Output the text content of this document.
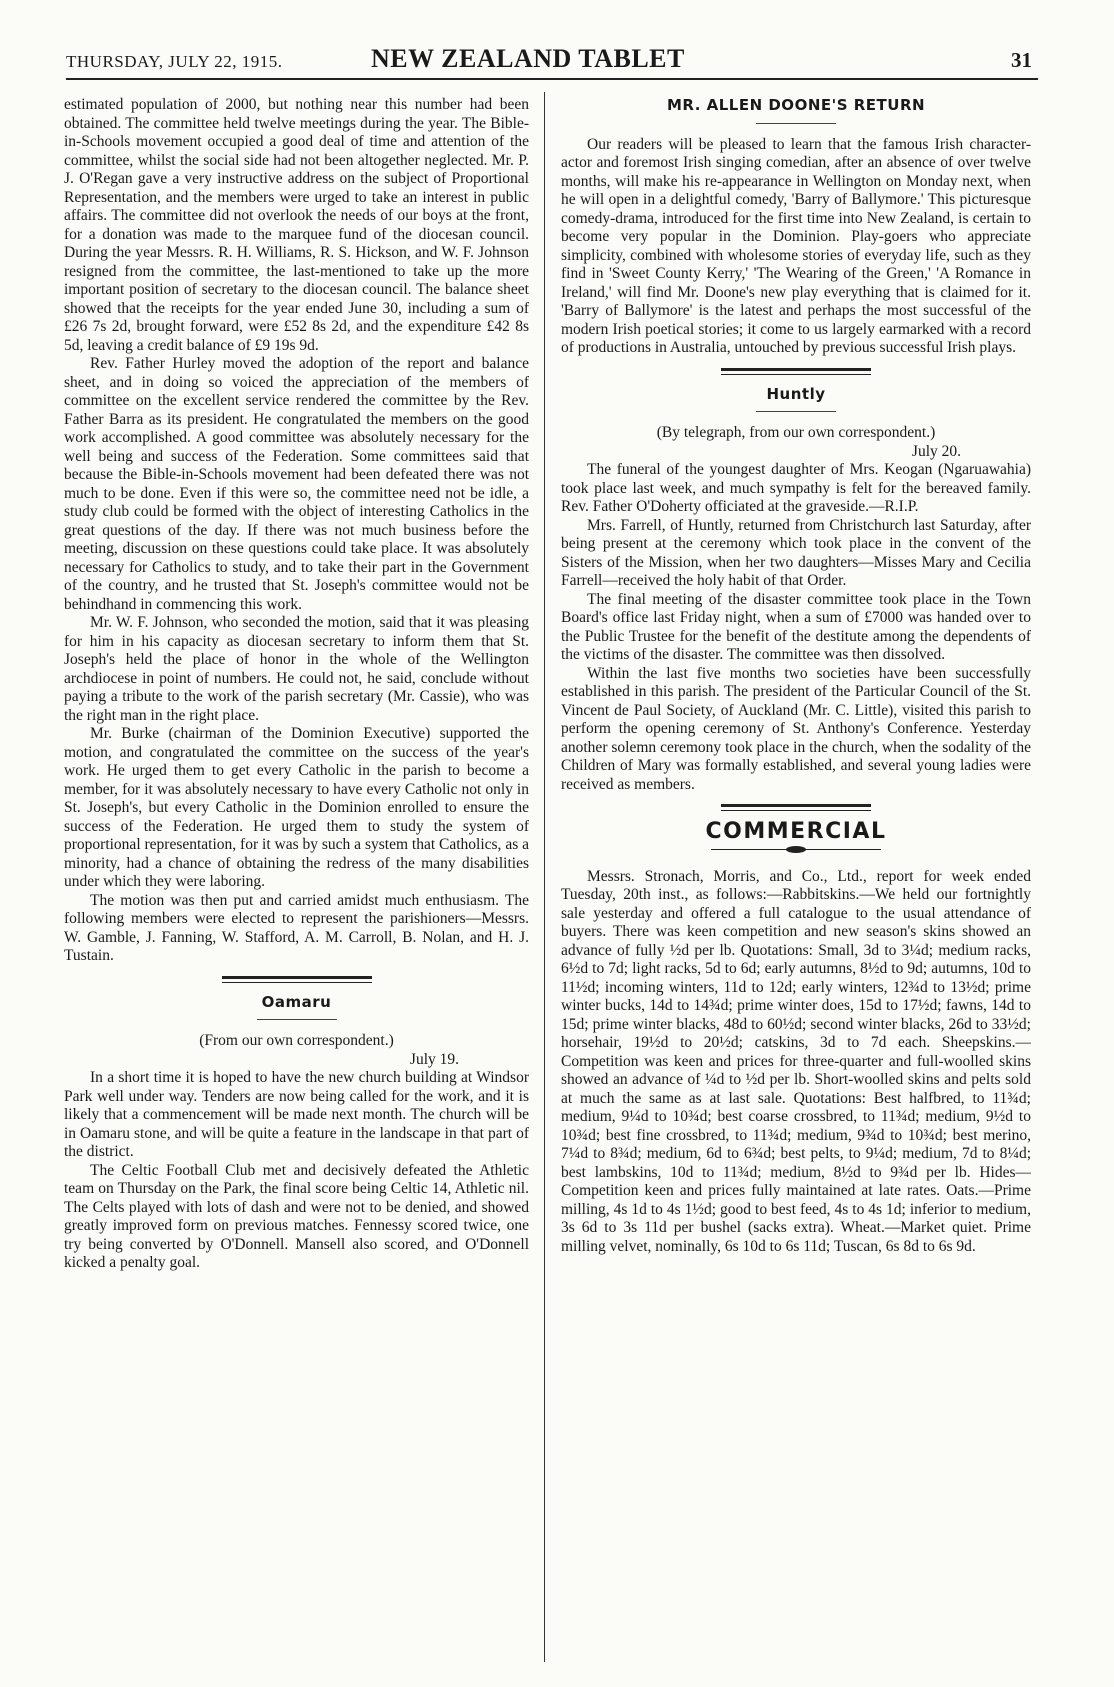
THURSDAY, JULY 22, 1915.	NEW ZEALAND TABLET	31

estimated population of 2000, but nothing near this number had been obtained. The committee held twelve meetings during the year. The Bible-in-Schools movement occupied a good deal of time and attention of the committee, whilst the social side had not been altogether neglected. Mr. P. J. O'Regan gave a very instructive address on the subject of Proportional Representation, and the members were urged to take an interest in public affairs. The committee did not overlook the needs of our boys at the front, for a donation was made to the marquee fund of the diocesan council. During the year Messrs. R. H. Williams, R. S. Hickson, and W. F. Johnson resigned from the committee, the last-mentioned to take up the more important position of secretary to the diocesan council. The balance sheet showed that the receipts for the year ended June 30, including a sum of £26 7s 2d, brought forward, were £52 8s 2d, and the expenditure £42 8s 5d, leaving a credit balance of £9 19s 9d.

Rev. Father Hurley moved the adoption of the report and balance sheet, and in doing so voiced the appreciation of the members of committee on the excellent service rendered the committee by the Rev. Father Barra as its president. He congratulated the members on the good work accomplished. A good committee was absolutely necessary for the well being and success of the Federation. Some committees said that because the Bible-in-Schools movement had been defeated there was not much to be done. Even if this were so, the committee need not be idle, a study club could be formed with the object of interesting Catholics in the great questions of the day. If there was not much business before the meeting, discussion on these questions could take place. It was absolutely necessary for Catholics to study, and to take their part in the Government of the country, and he trusted that St. Joseph's committee would not be behindhand in commencing this work.

Mr. W. F. Johnson, who seconded the motion, said that it was pleasing for him in his capacity as diocesan secretary to inform them that St. Joseph's held the place of honor in the whole of the Wellington archdiocese in point of numbers. He could not, he said, conclude without paying a tribute to the work of the parish secretary (Mr. Cassie), who was the right man in the right place.

Mr. Burke (chairman of the Dominion Executive) supported the motion, and congratulated the committee on the success of the year's work. He urged them to get every Catholic in the parish to become a member, for it was absolutely necessary to have every Catholic not only in St. Joseph's, but every Catholic in the Dominion enrolled to ensure the success of the Federation. He urged them to study the system of proportional representation, for it was by such a system that Catholics, as a minority, had a chance of obtaining the redress of the many disabilities under which they were laboring.

The motion was then put and carried amidst much enthusiasm. The following members were elected to represent the parishioners—Messrs. W. Gamble, J. Fanning, W. Stafford, A. M. Carroll, B. Nolan, and H. J. Tustain.

Oamaru
(From our own correspondent.)
July 19.

In a short time it is hoped to have the new church building at Windsor Park well under way. Tenders are now being called for the work, and it is likely that a commencement will be made next month. The church will be in Oamaru stone, and will be quite a feature in the landscape in that part of the district.

The Celtic Football Club met and decisively defeated the Athletic team on Thursday on the Park, the final score being Celtic 14, Athletic nil. The Celts played with lots of dash and were not to be denied, and showed greatly improved form on previous matches. Fennessy scored twice, one try being converted by O'Donnell. Mansell also scored, and O'Donnell kicked a penalty goal.

MR. ALLEN DOONE'S RETURN

Our readers will be pleased to learn that the famous Irish character-actor and foremost Irish singing comedian, after an absence of over twelve months, will make his re-appearance in Wellington on Monday next, when he will open in a delightful comedy, 'Barry of Ballymore.' This picturesque comedy-drama, introduced for the first time into New Zealand, is certain to become very popular in the Dominion. Play-goers who appreciate simplicity, combined with wholesome stories of everyday life, such as they find in 'Sweet County Kerry,' 'The Wearing of the Green,' 'A Romance in Ireland,' will find Mr. Doone's new play everything that is claimed for it. 'Barry of Ballymore' is the latest and perhaps the most successful of the modern Irish poetical stories; it come to us largely earmarked with a record of productions in Australia, untouched by previous successful Irish plays.

Huntly
(By telegraph, from our own correspondent.)
July 20.

The funeral of the youngest daughter of Mrs. Keogan (Ngaruawahia) took place last week, and much sympathy is felt for the bereaved family. Rev. Father O'Doherty officiated at the graveside.—R.I.P.

Mrs. Farrell, of Huntly, returned from Christchurch last Saturday, after being present at the ceremony which took place in the convent of the Sisters of the Mission, when her two daughters—Misses Mary and Cecilia Farrell—received the holy habit of that Order.

The final meeting of the disaster committee took place in the Town Board's office last Friday night, when a sum of £7000 was handed over to the Public Trustee for the benefit of the destitute among the dependents of the victims of the disaster. The committee was then dissolved.

Within the last five months two societies have been successfully established in this parish. The president of the Particular Council of the St. Vincent de Paul Society, of Auckland (Mr. C. Little), visited this parish to perform the opening ceremony of St. Anthony's Conference. Yesterday another solemn ceremony took place in the church, when the sodality of the Children of Mary was formally established, and several young ladies were received as members.

COMMERCIAL

Messrs. Stronach, Morris, and Co., Ltd., report for week ended Tuesday, 20th inst., as follows:—Rabbitskins.—We held our fortnightly sale yesterday and offered a full catalogue to the usual attendance of buyers. There was keen competition and new season's skins showed an advance of fully ½d per lb. Quotations: Small, 3d to 3¼d; medium racks, 6½d to 7d; light racks, 5d to 6d; early autumns, 8½d to 9d; autumns, 10d to 11½d; incoming winters, 11d to 12d; early winters, 12¾d to 13½d; prime winter bucks, 14d to 14¾d; prime winter does, 15d to 17½d; fawns, 14d to 15d; prime winter blacks, 48d to 60½d; second winter blacks, 26d to 33½d; horsehair, 19½d to 20½d; catskins, 3d to 7d each. Sheepskins.—Competition was keen and prices for three-quarter and full-woolled skins showed an advance of ¼d to ½d per lb. Short-woolled skins and pelts sold at much the same as at last sale. Quotations: Best halfbred, to 11¾d; medium, 9¼d to 10¾d; best coarse crossbred, to 11¾d; medium, 9½d to 10¾d; best fine crossbred, to 11¾d; medium, 9¾d to 10¾d; best merino, 7¼d to 8¾d; medium, 6d to 6¾d; best pelts, to 9¼d; medium, 7d to 8¼d; best lambskins, 10d to 11¾d; medium, 8½d to 9¾d per lb. Hides—Competition keen and prices fully maintained at late rates. Oats.—Prime milling, 4s 1d to 4s 1½d; good to best feed, 4s to 4s 1d; inferior to medium, 3s 6d to 3s 11d per bushel (sacks extra). Wheat.—Market quiet. Prime milling velvet, nominally, 6s 10d to 6s 11d; Tuscan, 6s 8d to 6s 9d.
